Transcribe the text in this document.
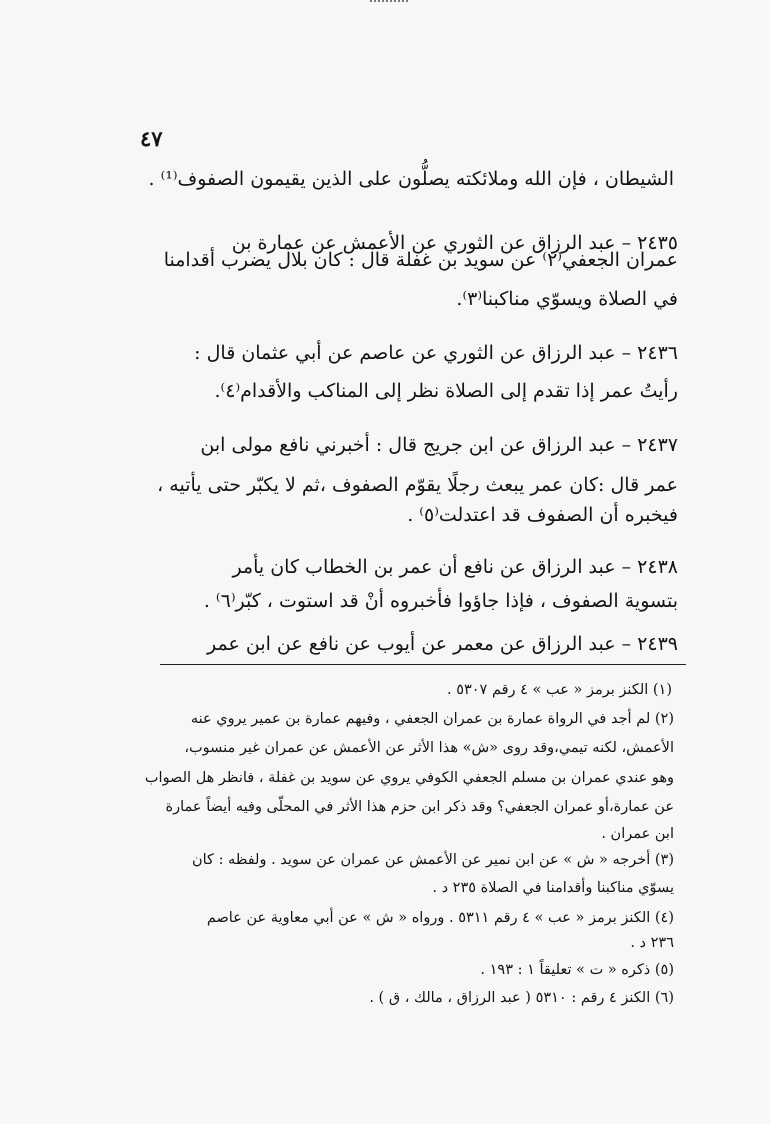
٤٧
الشيطان ، فإن الله وملائكته يصلُّون على الذين يقيمون الصفوف⁽¹⁾ .
٢٤٣٥ – عبد الرزاق عن الثوري عن الأعمش عن عمارة بن
عمران الجعفي⁽٢⁾ عن سويد بن غفلة قال : كان بلال يضرب أقدامنا
في الصلاة ويسوّي مناكبنا⁽٣⁾.
٢٤٣٦ – عبد الرزاق عن الثوري عن عاصم عن أبي عثمان قال :
رأيتُ عمر إذا تقدم إلى الصلاة نظر إلى المناكب والأقدام⁽٤⁾.
٢٤٣٧ – عبد الرزاق عن ابن جريج قال : أخبرني نافع مولى ابن
عمر قال :كان عمر يبعث رجلًا يقوّم الصفوف ،ثم لا يكبّر حتى يأتيه ،
فيخبره أن الصفوف قد اعتدلت⁽٥⁾ .
٢٤٣٨ – عبد الرزاق عن نافع أن عمر بن الخطاب كان يأمر
بتسوية الصفوف ، فإذا جاؤوا فأخبروه أنْ قد استوت ، كبّر⁽٦⁾ .
٢٤٣٩ – عبد الرزاق عن معمر عن أيوب عن نافع عن ابن عمر
(١) الكنز برمز « عب » ٤ رقم ٥٣٠٧ .
(٢) لم أجد في الرواة عمارة بن عمران الجعفي ، وفيهم عمارة بن عمير يروي عنه
الأعمش، لكنه تيمي،وقد روى «ش» هذا الأثر عن الأعمش عن عمران غير منسوب،
وهو عندي عمران بن مسلم الجعفي الكوفي يروي عن سويد بن غفلة ، فانظر هل الصواب
عن عمارة،أو عمران الجعفي؟ وقد ذكر ابن حزم هذا الأثر في المحلّى وفيه أيضاً عمارة
ابن عمران .
(٣) أخرجه « ش » عن ابن نمير عن الأعمش عن عمران عن سويد . ولفظه : كان
يسوّي مناكبنا وأقدامنا في الصلاة ٢٣٥ د .
(٤) الكنز برمز « عب » ٤ رقم ٥٣١١ . ورواه « ش » عن أبي معاوية عن عاصم
٢٣٦ د .
(٥) ذكره « ت » تعليقاً ١ : ١٩٣ .
(٦) الكنز ٤ رقم : ٥٣١٠ ( عبد الرزاق ، مالك ، ق ) .
